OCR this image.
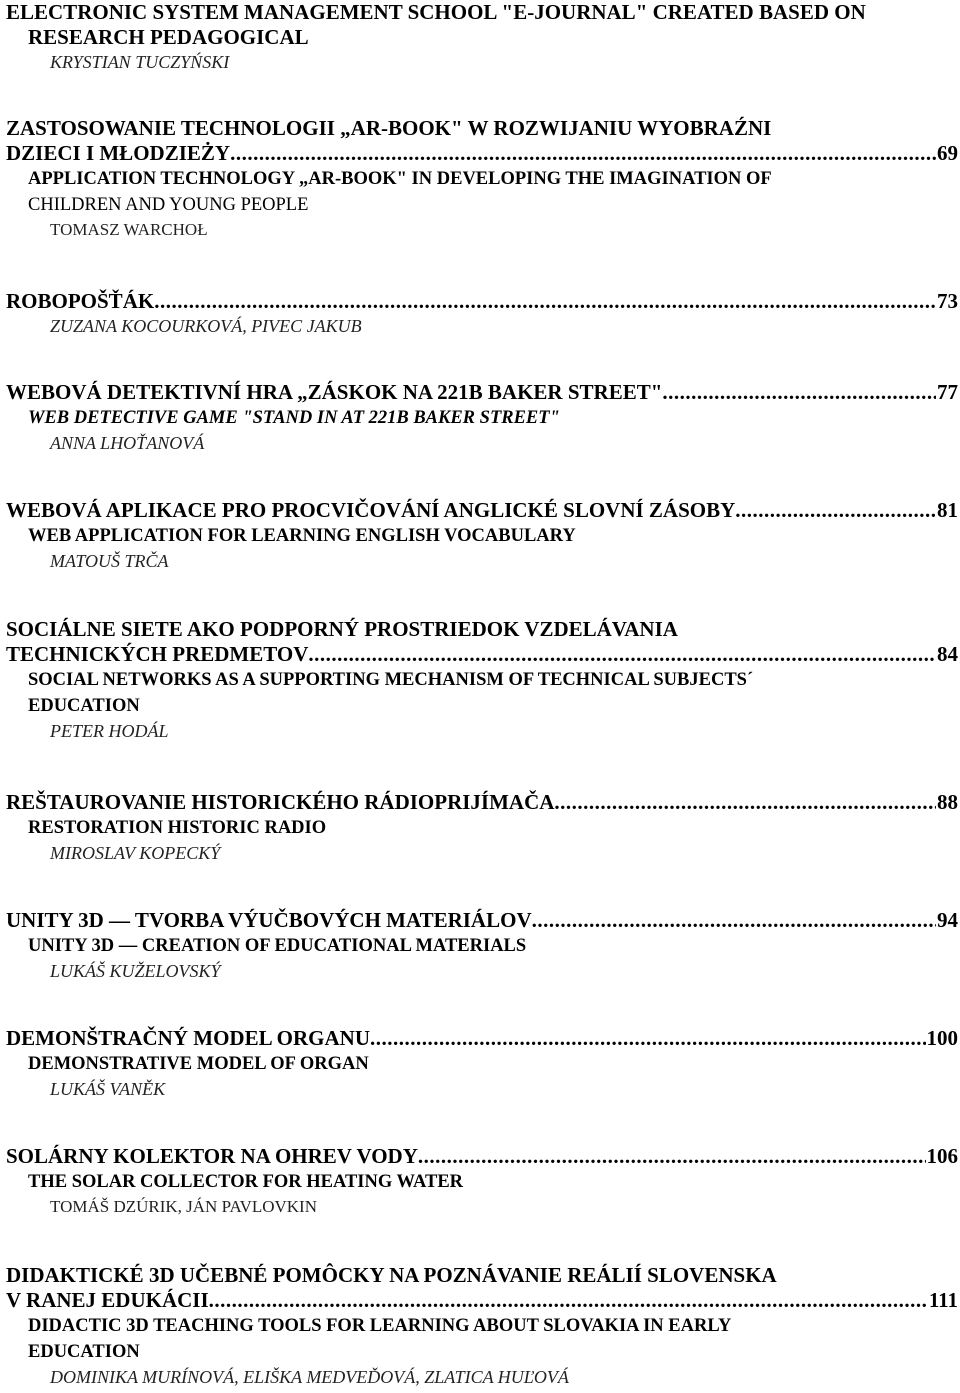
ELECTRONIC SYSTEM MANAGEMENT SCHOOL "E-JOURNAL" CREATED BASED ON
RESEARCH PEDAGOGICAL
KRYSTIAN TUCZYŃSKI
ZASTOSOWANIE TECHNOLOGII „AR-BOOK" W ROZWIJANIU WYOBRAŹNI
DZIECI I MŁODZIEŻY .....	69
APPLICATION TECHNOLOGY „AR-BOOK" IN DEVELOPING THE IMAGINATION OF
CHILDREN AND YOUNG PEOPLE
TOMASZ WARCHOŁ
ROBOPOŠŤÁK .....	73
ZUZANA KOCOURKOVÁ, PIVEC JAKUB
WEBOVÁ DETEKTIVNÍ HRA „ZÁSKOK NA 221B BAKER STREET" .....	77
WEB DETECTIVE GAME "STAND IN AT 221B BAKER STREET"
ANNA LHOŤANOVÁ
WEBOVÁ APLIKACE PRO PROCVIČOVÁNÍ ANGLICKÉ SLOVNÍ ZÁSOBY .....	81
WEB APPLICATION FOR LEARNING ENGLISH VOCABULARY
MATOUŠ TRČA
SOCIÁLNE SIETE AKO PODPORNÝ PROSTRIEDOK VZDELÁVANIA
TECHNICKÝCH PREDMETOV .....	84
SOCIAL NETWORKS AS A SUPPORTING MECHANISM OF TECHNICAL SUBJECTS´
EDUCATION
PETER HODÁL
REŠTAUROVANIE HISTORICKÉHO RÁDIOPRIJÍMAČA .....	88
RESTORATION HISTORIC RADIO
MIROSLAV KOPECKÝ
UNITY 3D — TVORBA VÝUČBOVÝCH MATERIÁLOV .....	94
UNITY 3D — CREATION OF EDUCATIONAL MATERIALS
LUKÁŠ KUŽELOVSKÝ
DEMONŠTRAČNÝ MODEL ORGANU .....	100
DEMONSTRATIVE MODEL OF ORGAN
LUKÁŠ VANĚK
SOLÁRNY KOLEKTOR NA OHREV VODY .....	106
THE SOLAR COLLECTOR FOR HEATING WATER
TOMÁŠ DZÚRIK, JÁN PAVLOVKIN
DIDAKTICKÉ 3D UČEBNÉ POMÔCKY NA POZNÁVANIE REÁLIÍ SLOVENSKA
V RANEJ EDUKÁCII .....	111
DIDACTIC 3D TEACHING TOOLS FOR LEARNING ABOUT SLOVAKIA IN EARLY
EDUCATION
DOMINIKA MURÍNOVÁ, ELIŠKA MEDVEĎOVÁ, ZLATICA HUĽOVÁ
